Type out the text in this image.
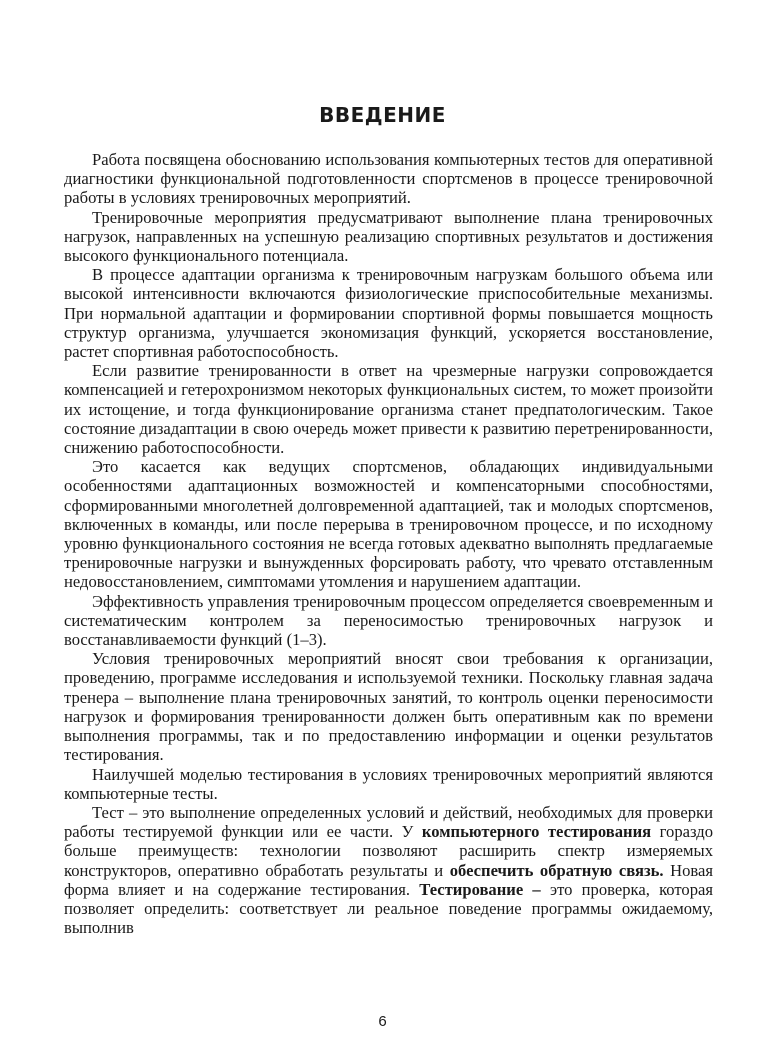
ВВЕДЕНИЕ

Работа посвящена обоснованию использования компьютерных тестов для оперативной диагностики функциональной подготовленности спортсменов в процессе тренировочной работы в условиях тренировочных мероприятий.

Тренировочные мероприятия предусматривают выполнение плана тренировочных нагрузок, направленных на успешную реализацию спортивных результатов и достижения высокого функционального потенциала.

В процессе адаптации организма к тренировочным нагрузкам большого объема или высокой интенсивности включаются физиологические приспособительные механизмы. При нормальной адаптации и формировании спортивной формы повышается мощность структур организма, улучшается экономизация функций, ускоряется восстановление, растет спортивная работоспособность.

Если развитие тренированности в ответ на чрезмерные нагрузки сопровождается компенсацией и гетерохронизмом некоторых функциональных систем, то может произойти их истощение, и тогда функционирование организма станет предпатологическим. Такое состояние дизадаптации в свою очередь может привести к развитию перетренированности, снижению работоспособности.

Это касается как ведущих спортсменов, обладающих индивидуальными особенностями адаптационных возможностей и компенсаторными способностями, сформированными многолетней долговременной адаптацией, так и молодых спортсменов, включенных в команды, или после перерыва в тренировочном процессе, и по исходному уровню функционального состояния не всегда готовых адекватно выполнять предлагаемые тренировочные нагрузки и вынужденных форсировать работу, что чревато отставленным недовосстановлением, симптомами утомления и нарушением адаптации.

Эффективность управления тренировочным процессом определяется своевременным и систематическим контролем за переносимостью тренировочных нагрузок и восстанавливаемости функций (1–3).

Условия тренировочных мероприятий вносят свои требования к организации, проведению, программе исследования и используемой техники. Поскольку главная задача тренера – выполнение плана тренировочных занятий, то контроль оценки переносимости нагрузок и формирования тренированности должен быть оперативным как по времени выполнения программы, так и по предоставлению информации и оценки результатов тестирования.

Наилучшей моделью тестирования в условиях тренировочных мероприятий являются компьютерные тесты.

Тест – это выполнение определенных условий и действий, необходимых для проверки работы тестируемой функции или ее части. У компьютерного тестирования гораздо больше преимуществ: технологии позволяют расширить спектр измеряемых конструкторов, оперативно обработать результаты и обеспечить обратную связь. Новая форма влияет и на содержание тестирования. Тестирование – это проверка, которая позволяет определить: соответствует ли реальное поведение программы ожидаемому, выполнив

6
